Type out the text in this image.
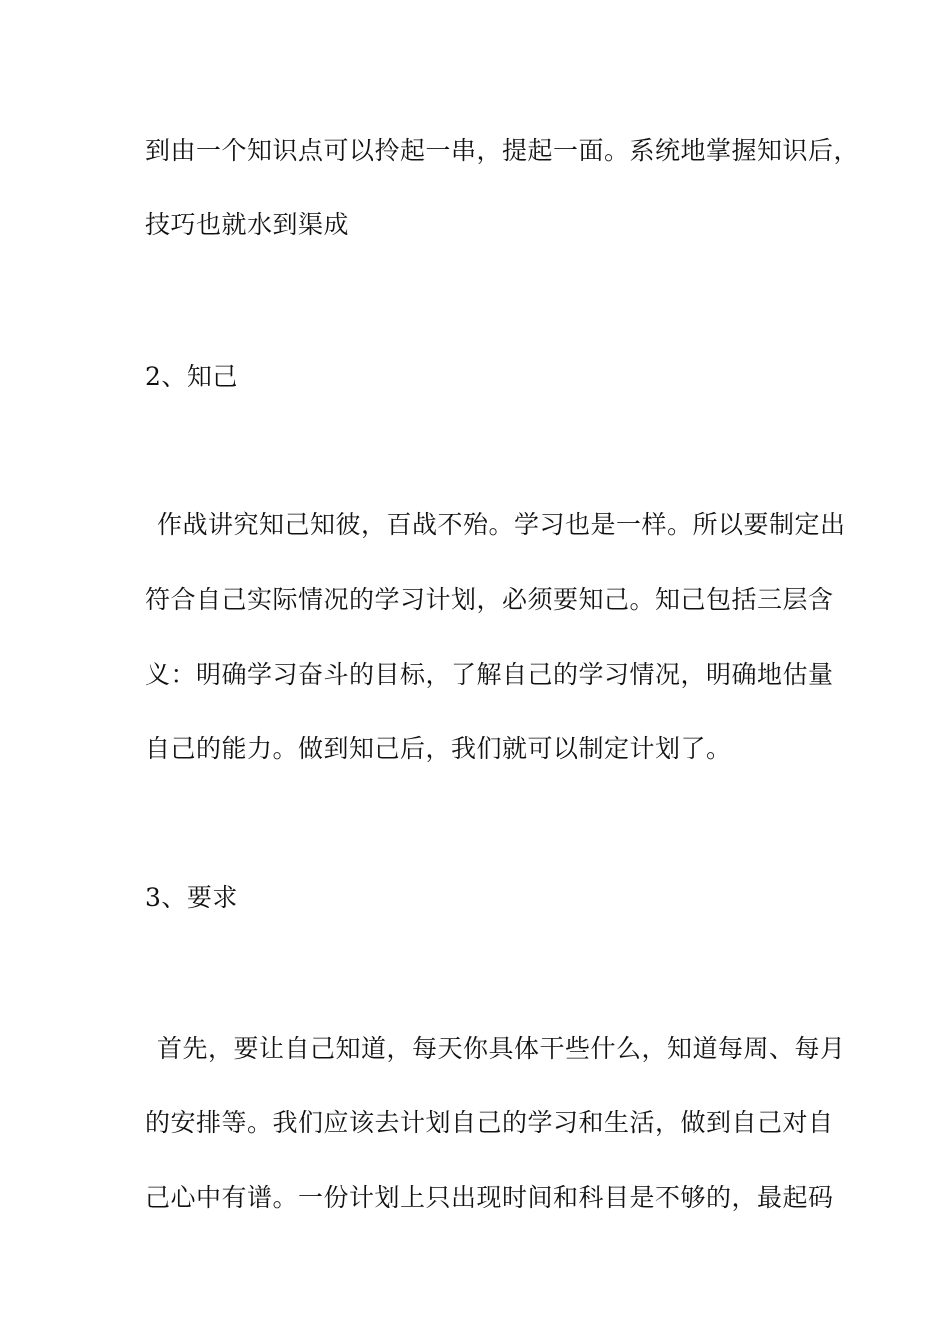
到由一个知识点可以拎起一串，提起一面。系统地掌握知识后，
技巧也就水到渠成
2、知己
作战讲究知己知彼，百战不殆。学习也是一样。所以要制定出
符合自己实际情况的学习计划，必须要知己。知己包括三层含
义：明确学习奋斗的目标，了解自己的学习情况，明确地估量
自己的能力。做到知己后，我们就可以制定计划了。
3、要求
首先，要让自己知道，每天你具体干些什么，知道每周、每月
的安排等。我们应该去计划自己的学习和生活，做到自己对自
己心中有谱。一份计划上只出现时间和科目是不够的，最起码
